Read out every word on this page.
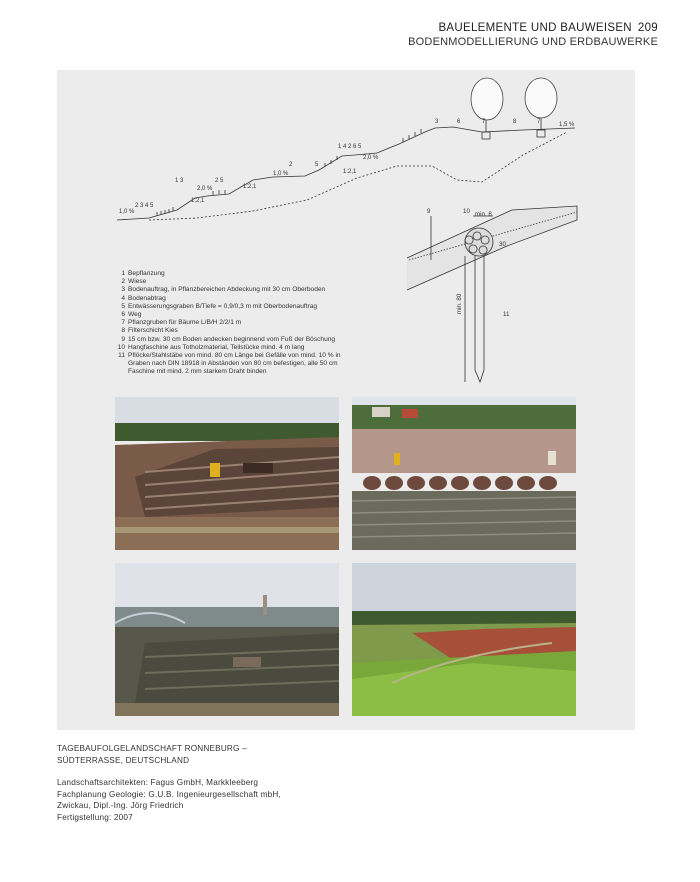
BAUELEMENTE UND BAUWEISEN 209
BODENMODELLIERUNG UND ERDBAUWERKE
1,0 %
2,0 %
1:2,1
1,0 %
1:2,1
2,0 %
1:2,1
1,5 %
2 3 4 5
1 3	2 5
2	5
1 4 2 6 5
3	6	7	8	7
9	10 min. 8
11
30
min. 80
1 Bepflanzung
2 Wiese
3 Bodenauftrag, in Pflanzbereichen Abdeckung mit 30 cm Oberboden
4 Bodenabtrag
5 Entwässerungsgraben B/Tiefe = 0,9/0,3 m mit Oberbodenauftrag
6 Weg
7 Pflanzgruben für Bäume L/B/H 2/2/1 m
8 Filterschicht Kies
9 15 cm bzw. 30 cm Boden andecken beginnend vom Fuß der Böschung
10 Hangfaschine aus Totholzmaterial, Teilstücke mind. 4 m lang
11 Pflöcke/Stahlstäbe von mind. 80 cm Länge bei Gefälle von mind. 10 % in Graben nach DIN 18918 in Abständen von 80 cm befestigen, alle 50 cm Faschine mit mind. 2 mm starkem Draht binden
TAGEBAUFOLGELANDSCHAFT RONNEBURG –
SÜDTERRASSE, DEUTSCHLAND
Landschaftsarchitekten: Fagus GmbH, Markkleeberg
Fachplanung Geologie: G.U.B. Ingenieurgesellschaft mbH,
Zwickau, Dipl.-Ing. Jörg Friedrich
Fertigstellung: 2007
